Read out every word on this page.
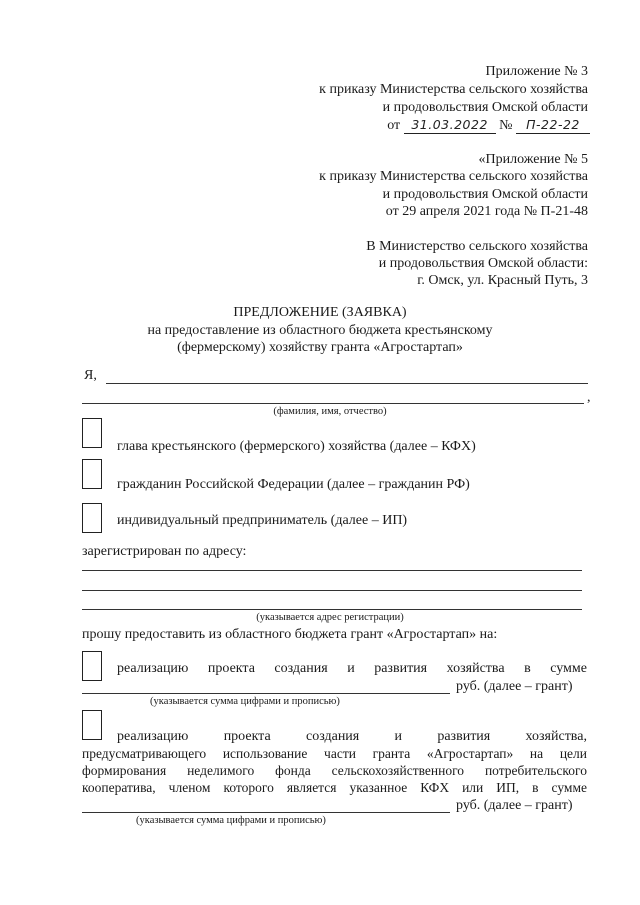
Приложение № 3
к приказу Министерства сельского хозяйства
и продовольствия Омской области
от 31.03.2022 № П-22-22
«Приложение № 5
к приказу Министерства сельского хозяйства
и продовольствия Омской области
от 29 апреля 2021 года № П-21-48
В Министерство сельского хозяйства
и продовольствия Омской области:
г. Омск, ул. Красный Путь, 3
ПРЕДЛОЖЕНИЕ (ЗАЯВКА)
на предоставление из областного бюджета крестьянскому
(фермерскому) хозяйству гранта «Агростартап»
Я,
,
(фамилия, имя, отчество)
глава крестьянского (фермерского) хозяйства (далее – КФХ)
гражданин Российской Федерации (далее – гражданин РФ)
индивидуальный предприниматель (далее – ИП)
зарегистрирован по адресу:
(указывается адрес регистрации)
прошу предоставить из областного бюджета грант «Агростартап» на:
реализацию проекта создания и развития хозяйства в сумме
руб. (далее – грант)
(указывается сумма цифрами и прописью)
реализацию	проекта	создания	и	развития	хозяйства,
предусматривающего использование части гранта «Агростартап» на цели
формирования неделимого фонда сельскохозяйственного потребительского
кооператива, членом которого является указанное КФХ или ИП, в сумме
руб. (далее – грант)
(указывается сумма цифрами и прописью)
